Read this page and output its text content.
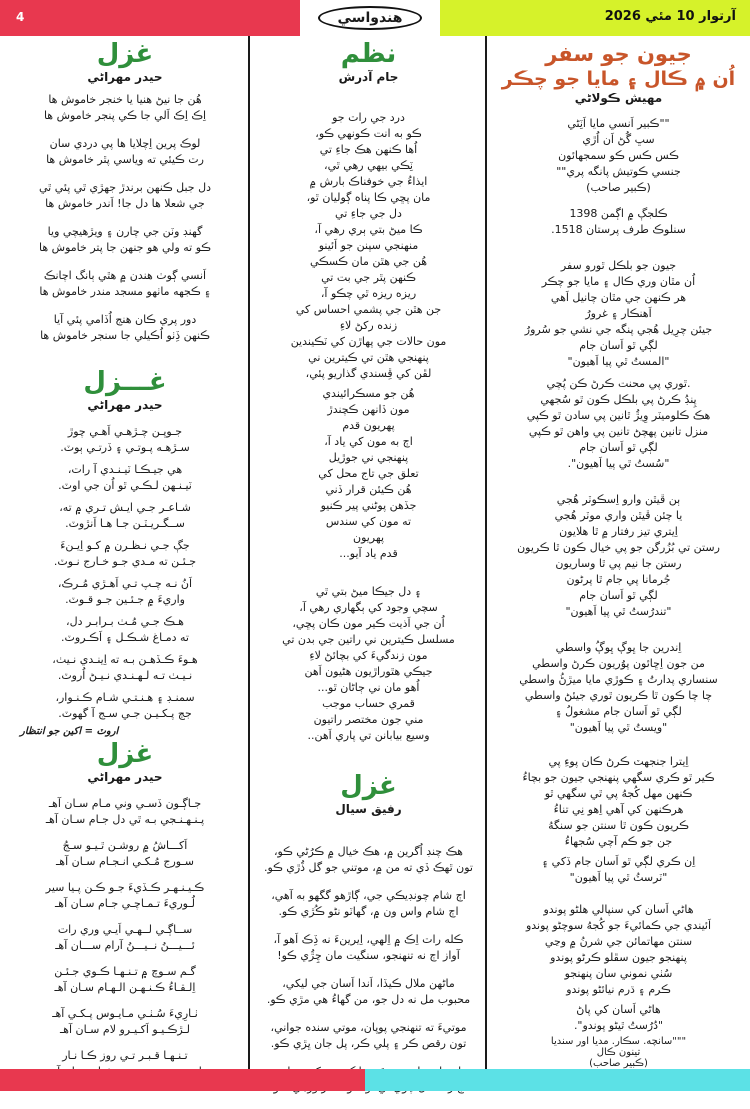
4	هندواسي	آرتوار 10 مئي 2026
جيون جو سفر
اُن ۾ ڪال ۽ مايا جو چڪر
مهيش ڪولاڻي
""ڪبير اَنسي مايا اَٽِڻي
سڀ گُڻ اَن اُڙي
ڪس ڪس ڪو سمجهائون
جنسي ڪوتيش پانگه پري""
(ڪبير صاحب)
ڪلجڳ ۾ اڳمن 1398
سنلوڪ طرف پرستان 1518.
جيون جو بلڪل ٿورو سفر
اُن مٿان وري ڪال ۽ مايا جو چڪر
هر ڪنهن جي مٿان چانيل اَهي
اَهنڪار ۽ غرورُ
جيئن چرِيل هُجي پنگه جي نشي جو سُرورُ
لڳي ٿو اَسان جام
"المستُ ٿي پيا اَهيون"
.ٿوري پي محنت ڪرڻ ڪن پُچي
پِنڊُ ڪرڻ پي بلڪل ڪون ٿو سُجهي
هڪ ڪلوميٽر وِيڙُ ٿانين پي سادن ٿو ڪپي
منزل تانين پهچڻ تانين پي واهن ٿو ڪپي
لڳي ٿو اَسان جام
"سُستُ ٿي پيا اَهيون".
ٻن ڦيٿن وارو اِسڪوٽر هُجي
يا چئن ڦيٿن واري موٽر هُجي
اِيتري تيز رفتار ۾ ٿا هلايون
رستن تي بُزُرگن جو پي خيال ڪون ٿا ڪريون
رستن جا نيم پي ٿا وساريون
جُرمانا پي جام ٿا پرڻون
لڳي ٿو اَسان جام
"تندرُستُ ٿي پيا اَهيون"
اِندرين جا ڀوڳ ڀوڳُ واسطي
من جون اِڇائون پوُريون ڪرڻ واسطي
سنساري پدارتُ ۽ ڪوڙي مايا ميڙڻُ واسطي
چا چا ڪون ٿا ڪريون ٿوري جيئڻ واسطي
لڳي ٿو اَسان جام مشغولُ ۽
"ويستُ ٿي پيا اَهيون"
اِيترا جنجهٽ ڪرڻ ڪان پوءِ پي
ڪير ٿو ڪري سگهي پنهنجي جيون جو بچاءُ
ڪنهن مهل کُجهُ پي ٿي سگهي ٿو
هرڪنهن کي آهي اِهو نِي تناءُ
ڪريون ڪون ٿا سنتن جو سنگهُ
جن جو ڪم آچي سُجهاءُ
اِن ڪري لڳي ٿو اَسان جام ڏکي ۽
"ٽرسٽُ ٿي پيا اَهيون"
هاڻي اَسان کي سنپالي هلڻو پوندو
اَئيندي جي ڪمائيءَ جو کُجهُ سوچڻو پوندو
سنتن مهاتمائن جي شرنُ ۾ وڃي
پنهنجو جيون سڦلو ڪرڻو پوندو
سُٺي نموني سان پنهنجو
ڪرم ۽ ڌرم نيائڻو پوندو
هاڻي اَسان کي پاڻ
"دُرُستُ ٿيڻو پوندو".
"""سانچه. سڪار. مديا اور سنديا
تينون ڪال
(ڪبير صاحب)
نظم
جام آدرش
درد جي رات جو
ڪو به انت ڪونهي ڪو،
اُها ڪنهن هڪ جاءِ تي
ٽِڪي بيهي رهي ٿي،
ايذاءُ جي خوفناڪ بارش ۾
مان پڇي ڪا پناه ڳوليان ٿو،
دل جي جاءِ تي
ڪا ميڻ بتي ٻري رهي آ،
منهنجي سپنن جو اَئينو
هُن جي هٿن مان ڪسڪي
ڪنهن پٿر جي بت تي
ريزه ريزه ٿي چڪو آ،
جن هٿن جي پشمي احساس کي
زنده رکڻ لاءِ
مون حالات جي پهاڙن کي ٽڪيندين
پنهنجي هٿن تي ڪيترين ني
لڦن کي ڦِسندي گذاريو پئي،
هُن جو مسڪرائيندي
مون ڏانهن ڪچندڙ
پهريون قدم
اڄ به مون کي ياد آ،
پنهنجي ني جوڙيل
تعلق جي تاج محل کي
هُن ڪيئن قرار ڏني
جڏهن پوڻني پير ڪنيو
ته مون کي سندس
پهريون
قدم ياد آيو...
۽ دل جيڪا ميڻ بتي ٿي
سچي وجود کي ٻگهاري رهي آ،
اُن جي اَذيت ڪير مون ڪان پڇي،
مسلسل ڪيترين ني راتين جي بدن تي
مون زندگيءَ کي بچائڻ لاءِ
جيڪي هٿوراڙيون هڻيون اَهن
اُهو مان ني ڄاڻان ٿو...
قمري حساب موجب
مني جون مختصر راتيون
وسيع بيابانن تي پاري اَهن..
غزل
رفيق سيال
هڪ چنڊ اُگرين ۾، هڪ خيال ۾ ڪرُڻي ڪو،
تون ٿهڪ ڏي ته من ۾، موتني جو گل ڏُڙي ڪو.
اڄ شام چونڊيڪي جي، ڳاڙهو گگهو به آهي،
اڄ شام واس ون ۾، گهاٽو نڻو ڪُڙي ڪو.
ڪله رات اِڪ ۾ اِلهي، اِيرينءَ نه ڏِڪ اَهو آ،
آواز اڄ نه تنهنجو، سنگيت مان چِڙُي ڪو!
ماڻهن ملال ڪيڏا، اَندا اَسان جي ليکي،
محبوب مل نه دل جو، من گهاءُ هي مڙي ڪو.
موتيءَ ته تنهنجي پوپان، موتي سنده جواني،
تون رقص ڪر ۽ پلي ڪر، پل جان ڀڙي ڪو.
غزل
حيدر مهراڻي
هُن جا نيڻ هنيا يا خنجر خاموش ها
اِڪ اِڪ اَلي جا ڪي پنجر خاموش ها
لوڪ پرين اِچلايا ها پي دردي سان
رت ڪيئي ته وياسي پٿر خاموش ها
دل جبل ڪنهن برندڙ جهڙي ٿي پئي ٿي
جي شعلا ها دل جا! اَندر خاموش ها
گهنڊ وٽن جي چارن ۽ ويڙهيچي ويا
ڪو ته ولي هو جنهن جا پتر خاموش ها
اَنسي ڳوٺ هندن ۾ هٿي ٻانگ اچانڪ
۽ ڪجهه ماٺهو مسجد مندر خاموش ها
دور پري ڪان هنج اُڏامي پئي آيا
ڪنهن ڏِٺو اُڪيلي جا سنجر خاموش ها
غـــزل
حيدر مهراڻي
جـوپـن چـڙهـي اَهـي چوڙ
سـڙهـه پـوتـي ۽ ڏرتـي ٻوٽ.
هي جيـڪـا ٽيـنـدي آ رات،
ٽيـنـهن لـڪـي ٿو اُن جي اوٽ.
شـاعـر جـي ايـش تـري ۾ ته،
ســگـريـٽـن جـا هـا اَنڙوٽ.
جڳ جـي نـظـرن ۾ کـو اِيـنءَ
جـئـن ته مـدي جـو خـارج نـوٽ.
اَنُ نـه چـپ تـي اَهـڙي مُـرڪ،
واريءَ ۾ جـئـين جـو قـوٽ.
هـڪ جـي مُـٺ بـرابـر دل،
ته دمـاغ شـڪـل ۽ اَڪـروٽ.
هـوءَ ڪـڏهـن بـه ته اِينـدي نـيٺ،
نـيـٺ تـه لـهـنـدي نـيـڻ اُروٽ.
سمنـڊ ۽ هـنـتـي شـام ڪـنـوار،
جڄ پـکـيـن جـي سـج آ گهوٽ.
اروٽ = اکين جو انتظار
غزل
حيدر مهراڻي
جـاڳـون ڏسـي وني مـام سـان آهـ
پـنـهـنـجي بـه ٿي دل جـام سـان آهـ
اَکـــاشُ ۾ روشـن ٿـيـو سـجُ
سـورج مُـکـي انـجـام سـان آهـ
ڪـيـنـهـر ڪـڏيءَ جـو ڪـن پـيا سير
لُـوريءَ تـمـاچـي جـام سـان آهـ
ســاڳـي لــهـي اَيـي وري رات
ئـــيـــنُ نــيـــنُ آرام ســـان آهـ
گـم سـوچ ۾ تـنـهـا ڪـوي جـئـن
اِلـقـاءُ ڪـنـهـن الـهـام سـان آهـ
ٺـارِيءَ سُـٺـي مـايـوس پـکـي آهـ
لـڙڪـيـو اَکـيـرو لام سـان آهـ
تـنـهـا قـبـر تـي روز ڪـا نـار
